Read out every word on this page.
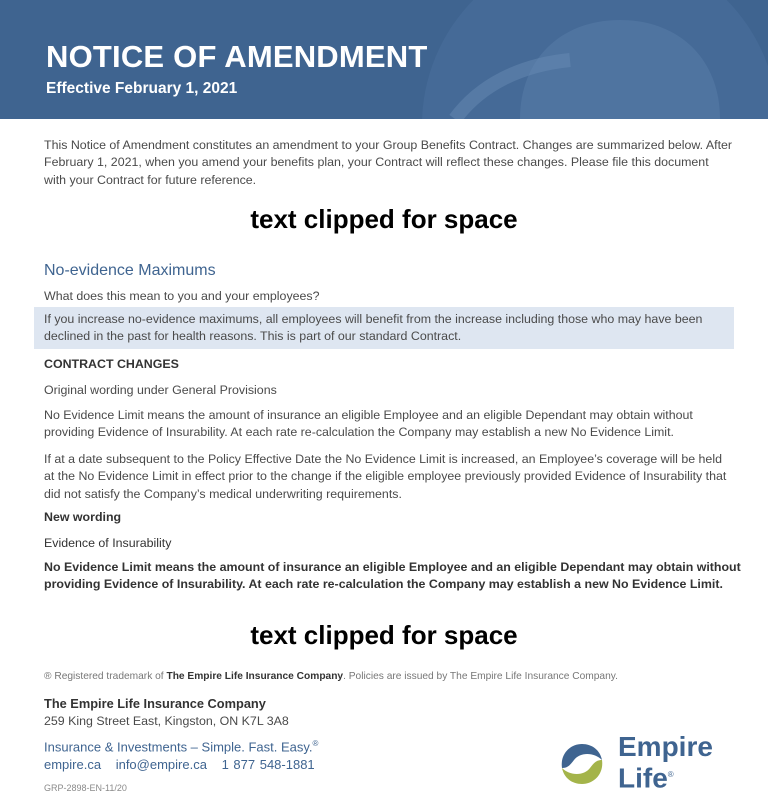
NOTICE OF AMENDMENT
Effective February 1, 2021

This Notice of Amendment constitutes an amendment to your Group Benefits Contract. Changes are summarized below. After February 1, 2021, when you amend your benefits plan, your Contract will reflect these changes. Please file this document with your Contract for future reference.

text clipped for space
No-evidence Maximums
What does this mean to you and your employees?

If you increase no-evidence maximums, all employees will benefit from the increase including those who may have been declined in the past for health reasons. This is part of our standard Contract.

CONTRACT CHANGES

Original wording under General Provisions

No Evidence Limit means the amount of insurance an eligible Employee and an eligible Dependant may obtain without providing Evidence of Insurability. At each rate re-calculation the Company may establish a new No Evidence Limit.

If at a date subsequent to the Policy Effective Date the No Evidence Limit is increased, an Employee’s coverage will be held at the No Evidence Limit in effect prior to the change if the eligible employee previously provided Evidence of Insurability that did not satisfy the Company’s medical underwriting requirements.

New wording
Evidence of Insurability

No Evidence Limit means the amount of insurance an eligible Employee and an eligible Dependant may obtain without providing Evidence of Insurability. At each rate re-calculation the Company may establish a new No Evidence Limit.

text clipped for space
® Registered trademark of The Empire Life Insurance Company. Policies are issued by The Empire Life Insurance Company.
The Empire Life Insurance Company
259 King Street East, Kingston, ON K7L 3A8
Insurance & Investments – Simple. Fast. Easy.®
empire.ca info@empire.ca 1 877 548-1881
GRP-2898-EN-11/20
Empire
Life®
